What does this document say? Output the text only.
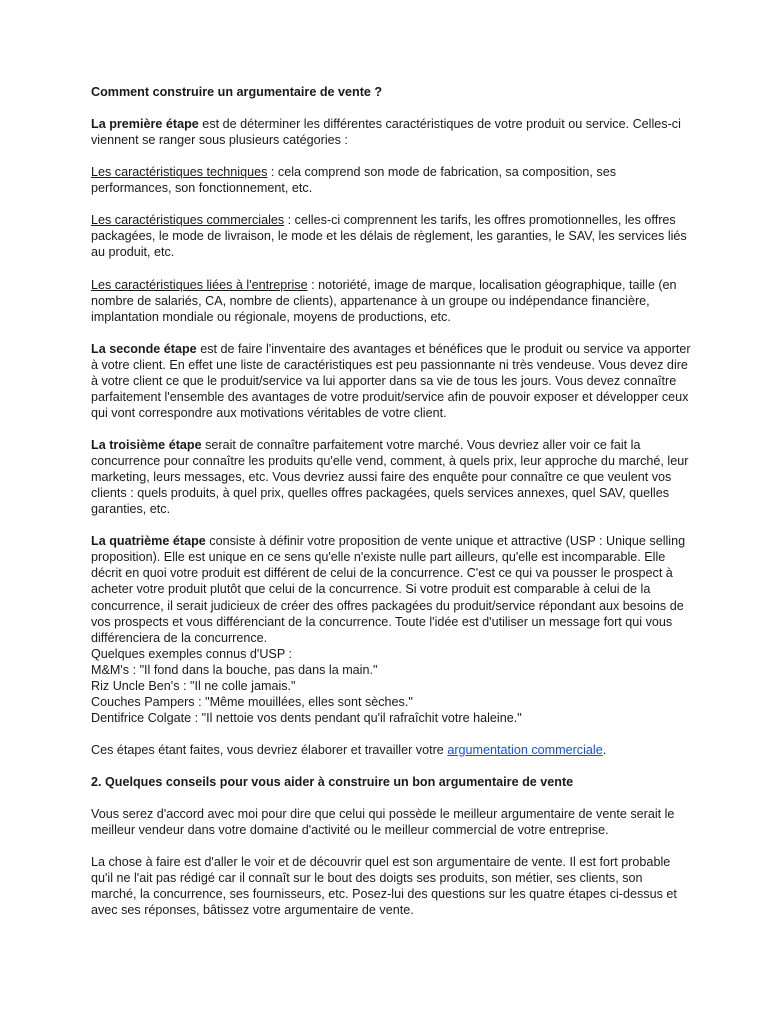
Comment construire un argumentaire de vente ?

La première étape est de déterminer les différentes caractéristiques de votre produit ou service. Celles-ci viennent se ranger sous plusieurs catégories :

Les caractéristiques techniques : cela comprend son mode de fabrication, sa composition, ses performances, son fonctionnement, etc.

Les caractéristiques commerciales : celles-ci comprennent les tarifs, les offres promotionnelles, les offres packagées, le mode de livraison, le mode et les délais de règlement, les garanties, le SAV, les services liés au produit, etc.

Les caractéristiques liées à l'entreprise : notoriété, image de marque, localisation géographique, taille (en nombre de salariés, CA, nombre de clients), appartenance à un groupe ou indépendance financière, implantation mondiale ou régionale, moyens de productions, etc.

La seconde étape est de faire l'inventaire des avantages et bénéfices que le produit ou service va apporter à votre client. En effet une liste de caractéristiques est peu passionnante ni très vendeuse. Vous devez dire à votre client ce que le produit/service va lui apporter dans sa vie de tous les jours. Vous devez connaître parfaitement l'ensemble des avantages de votre produit/service afin de pouvoir exposer et développer ceux qui vont correspondre aux motivations véritables de votre client.

La troisième étape serait de connaître parfaitement votre marché. Vous devriez aller voir ce fait la concurrence pour connaître les produits qu'elle vend, comment, à quels prix, leur approche du marché, leur marketing, leurs messages, etc. Vous devriez aussi faire des enquête pour connaître ce que veulent vos clients : quels produits, à quel prix, quelles offres packagées, quels services annexes, quel SAV, quelles garanties, etc.

La quatrième étape consiste à définir votre proposition de vente unique et attractive (USP : Unique selling proposition). Elle est unique en ce sens qu'elle n'existe nulle part ailleurs, qu'elle est incomparable. Elle décrit en quoi votre produit est différent de celui de la concurrence. C'est ce qui va pousser le prospect à acheter votre produit plutôt que celui de la concurrence. Si votre produit est comparable à celui de la concurrence, il serait judicieux de créer des offres packagées du produit/service répondant aux besoins de vos prospects et vous différenciant de la concurrence. Toute l'idée est d'utiliser un message fort qui vous différenciera de la concurrence.

Quelques exemples connus d'USP :
M&M's : "Il fond dans la bouche, pas dans la main."
Riz Uncle Ben's : "Il ne colle jamais."
Couches Pampers : "Même mouillées, elles sont sèches."
Dentifrice Colgate : "Il nettoie vos dents pendant qu'il rafraîchit votre haleine."

Ces étapes étant faites, vous devriez élaborer et travailler votre argumentation commerciale.

2. Quelques conseils pour vous aider à construire un bon argumentaire de vente

Vous serez d'accord avec moi pour dire que celui qui possède le meilleur argumentaire de vente serait le meilleur vendeur dans votre domaine d'activité ou le meilleur commercial de votre entreprise.

La chose à faire est d'aller le voir et de découvrir quel est son argumentaire de vente. Il est fort probable qu'il ne l'ait pas rédigé car il connaît sur le bout des doigts ses produits, son métier, ses clients, son marché, la concurrence, ses fournisseurs, etc. Posez-lui des questions sur les quatre étapes ci-dessus et avec ses réponses, bâtissez votre argumentaire de vente.
